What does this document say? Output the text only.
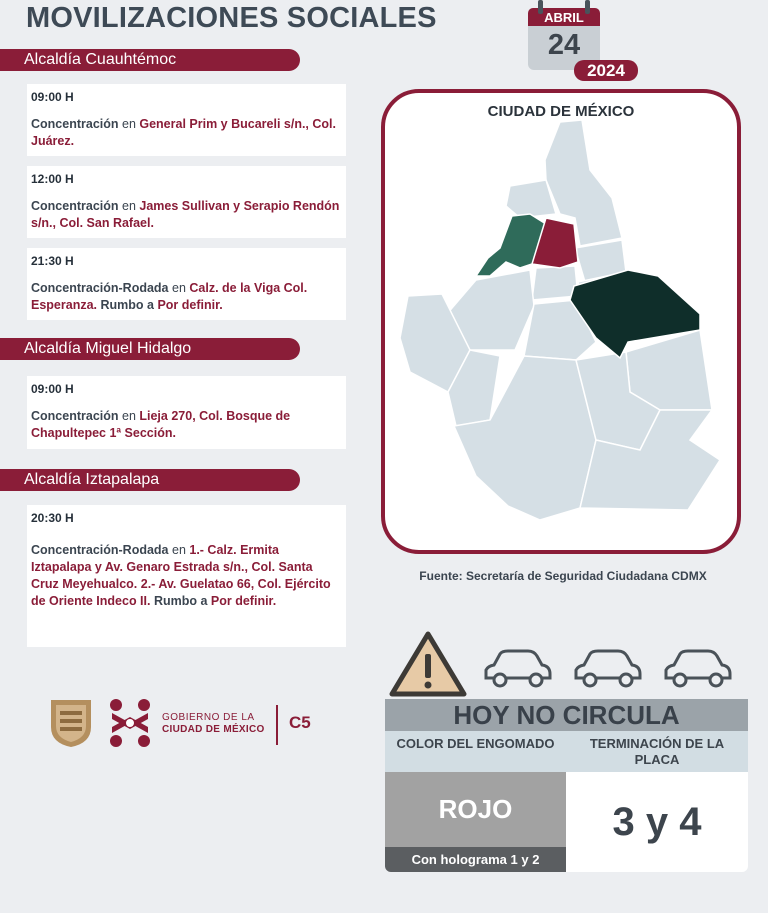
MOVILIZACIONES SOCIALES	ABRIL
24
2024
Alcaldía Cuauhtémoc
09:00 H
Concentración en General Prim y Bucareli s/n., Col. Juárez.
12:00 H
Concentración en James Sullivan y Serapio Rendón s/n., Col. San Rafael.
21:30 H
Concentración-Rodada en Calz. de la Viga Col. Esperanza. Rumbo a Por definir.
Alcaldía Miguel Hidalgo
09:00 H
Concentración en Lieja 270, Col. Bosque de Chapultepec 1ª Sección.
Alcaldía Iztapalapa
20:30 H
Concentración-Rodada en 1.- Calz. Ermita Iztapalapa y Av. Genaro Estrada s/n., Col. Santa Cruz Meyehualco. 2.- Av. Guelatao 66, Col. Ejército de Oriente Indeco II. Rumbo a Por definir.
GOBIERNO DE LA
CIUDAD DE MÉXICO C5
CIUDAD DE MÉXICO
Fuente: Secretaría de Seguridad Ciudadana CDMX
HOY NO CIRCULA
COLOR DEL ENGOMADO	TERMINACIÓN DE LA PLACA
ROJO
Con holograma 1 y 2
3 y 4
